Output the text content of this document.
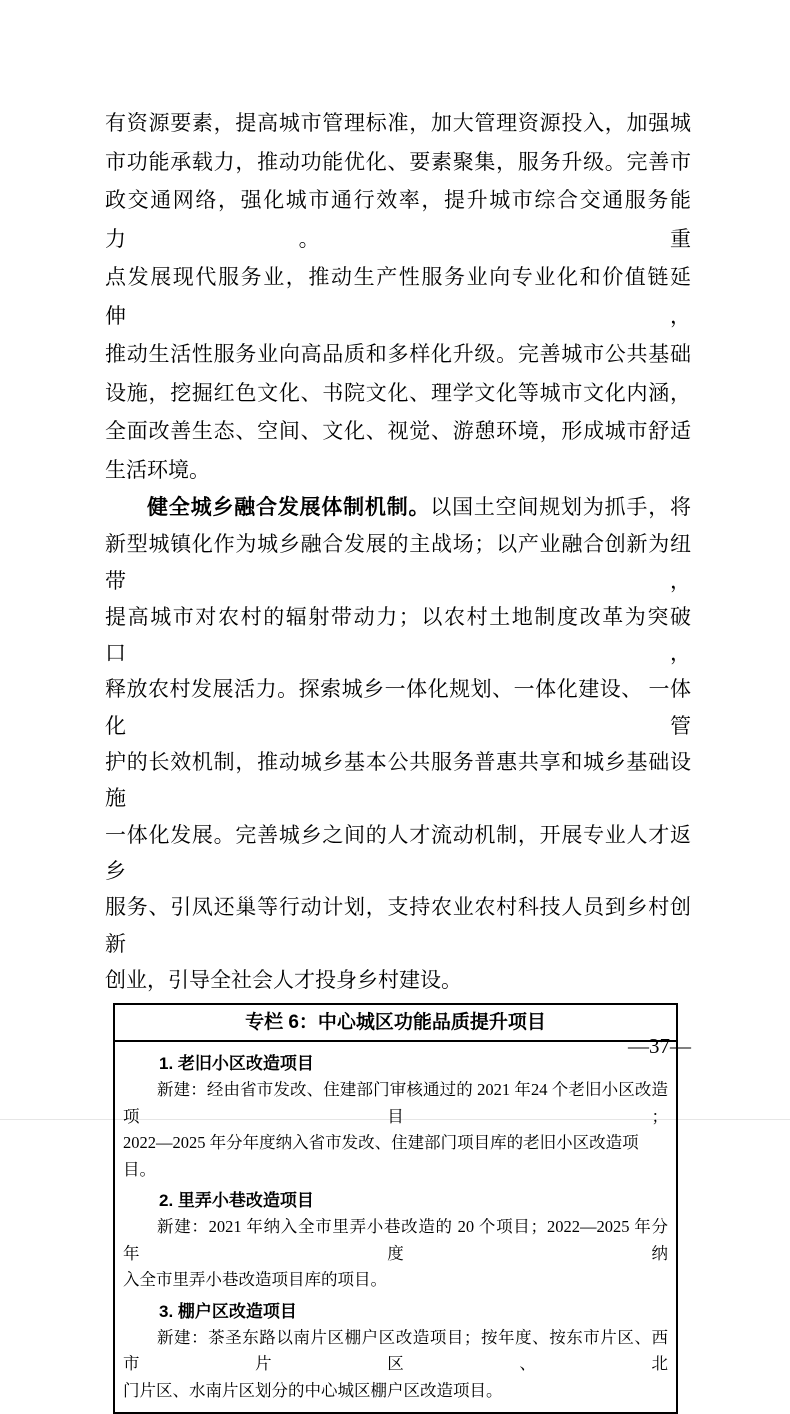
有资源要素，提高城市管理标准，加大管理资源投入，加强城
市功能承载力，推动功能优化、要素聚集，服务升级。完善市
政交通网络，强化城市通行效率，提升城市综合交通服务能力。 重
点发展现代服务业，推动生产性服务业向专业化和价值链延伸，
推动生活性服务业向高品质和多样化升级。完善城市公共基础
设施，挖掘红色文化、书院文化、理学文化等城市文化内涵，
全面改善生态、空间、文化、视觉、游憩环境，形成城市舒适
生活环境。

健全城乡融合发展体制机制。以国土空间规划为抓手，将
新型城镇化作为城乡融合发展的主战场；以产业融合创新为纽带，
提高城市对农村的辐射带动力；以农村土地制度改革为突破口，
释放农村发展活力。探索城乡一体化规划、一体化建设、 一体化管
护的长效机制，推动城乡基本公共服务普惠共享和城乡基础设施
一体化发展。完善城乡之间的人才流动机制，开展专业人才返乡
服务、引凤还巢等行动计划，支持农业农村科技人员到乡村创新
创业，引导全社会人才投身乡村建设。

专栏 6：中心城区功能品质提升项目
1. 老旧小区改造项目
新建：经由省市发改、住建部门审核通过的 2021 年24 个老旧小区改造项目；
2022—2025 年分年度纳入省市发改、住建部门项目库的老旧小区改造项目。
2. 里弄小巷改造项目
新建：2021 年纳入全市里弄小巷改造的 20 个项目；2022—2025 年分年度纳
入全市里弄小巷改造项目库的项目。
3. 棚户区改造项目
新建：茶圣东路以南片区棚户区改造项目；按年度、按东市片区、西市片区、北
门片区、水南片区划分的中心城区棚户区改造项目。
—37—
